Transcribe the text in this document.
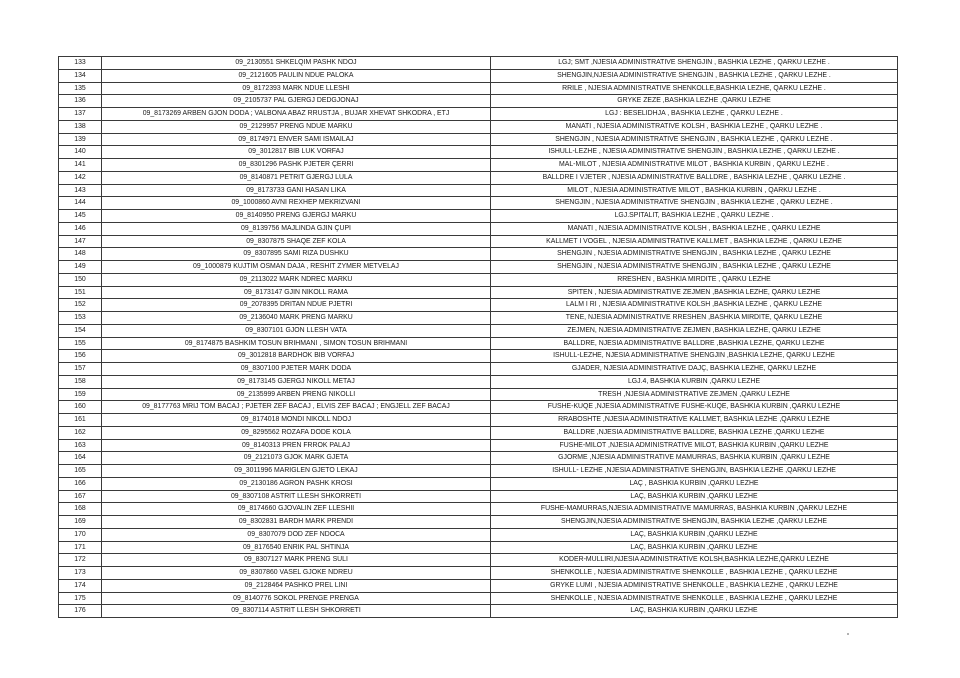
133	09_2130551 SHKELQIM PASHK NDOJ	LGJ; SMT ,NJESIA ADMINISTRATIVE SHENGJIN , BASHKIA LEZHE , QARKU LEZHE .
134	09_2121605 PAULIN NDUE PALOKA	SHENGJIN,NJESIA ADMINISTRATIVE SHENGJIN , BASHKIA LEZHE , QARKU LEZHE .
135	09_8172393 MARK NDUE LLESHI	RRILE , NJESIA ADMINISTRATIVE SHENKOLLE,BASHKIA LEZHE, QARKU LEZHE .
136	09_2105737 PAL GJERGJ DEDGJONAJ	GRYKE ZEZE ,BASHKIA LEZHE ,QARKU LEZHE
137	09_8173269 ARBEN GJON DODA ; VALBONA ABAZ RRUSTJA , BUJAR XHEVAT SHKODRA , ETJ	LGJ : BESELIDHJA , BASHKIA LEZHE , QARKU LEZHE .
138	09_2129957 PRENG NDUE MARKU	MANATI , NJESIA ADMINISTRATIVE KOLSH , BASHKIA LEZHE , QARKU LEZHE .
139	09_8174971 ENVER SAMI ISMAILAJ	SHENGJIN , NJESIA ADMINISTRATIVE SHENGJIN , BASHKIA LEZHE , QARKU LEZHE .
140	09_3012817 BIB LUK VORFAJ	ISHULL-LEZHE , NJESIA ADMINISTRATIVE SHENGJIN , BASHKIA LEZHE , QARKU LEZHE .
141	09_8301296 PASHK PJETER ÇERRI	MAL-MILOT , NJESIA ADMINISTRATIVE MILOT , BASHKIA KURBIN , QARKU LEZHE .
142	09_8140871 PETRIT GJERGJ LULA	BALLDRE I VJETER , NJESIA ADMINISTRATIVE BALLDRE , BASHKIA LEZHE , QARKU LEZHE .
143	09_8173733 GANI HASAN LIKA	MILOT , NJESIA ADMINISTRATIVE MILOT , BASHKIA KURBIN , QARKU LEZHE .
144	09_1000860 AVNI REXHEP MEKRIZVANI	SHENGJIN , NJESIA ADMINISTRATIVE SHENGJIN , BASHKIA LEZHE , QARKU LEZHE .
145	09_8140950 PRENG GJERGJ MARKU	LGJ.SPITALIT, BASHKIA LEZHE , QARKU LEZHE .
146	09_8139756 MAJLINDA GJIN ÇUPI	MANATI , NJESIA ADMINISTRATIVE KOLSH , BASHKIA LEZHE , QARKU LEZHE
147	09_8307875 SHAQE ZEF KOLA	KALLMET I VOGEL , NJESIA ADMINISTRATIVE KALLMET , BASHKIA LEZHE , QARKU LEZHE
148	09_8307895 SAMI RIZA DUSHKU	SHENGJIN , NJESIA ADMINISTRATIVE SHENGJIN , BASHKIA LEZHE , QARKU LEZHE
149	09_1000879 KUJTIM OSMAN DAJA , RESHIT ZYMER METVELAJ	SHENGJIN , NJESIA ADMINISTRATIVE SHENGJIN , BASHKIA LEZHE , QARKU LEZHE
150	09_2113022 MARK NDREC MARKU	RRESHEN , BASHKIA MIRDITE , QARKU LEZHE
151	09_8173147 GJIN NIKOLL RAMA	SPITEN , NJESIA ADMINISTRATIVE ZEJMEN ,BASHKIA LEZHE, QARKU LEZHE
152	09_2078395 DRITAN NDUE PJETRI	LALM I RI , NJESIA ADMINISTRATIVE KOLSH ,BASHKIA LEZHE , QARKU LEZHE
153	09_2136040 MARK PRENG MARKU	TENE, NJESIA ADMINISTRATIVE RRESHEN ,BASHKIA MIRDITE, QARKU LEZHE
154	09_8307101 GJON LLESH VATA	ZEJMEN, NJESIA ADMINISTRATIVE ZEJMEN ,BASHKIA LEZHE, QARKU LEZHE
155	09_8174875 BASHKIM TOSUN BRIHMANI , SIMON TOSUN BRIHMANI	BALLDRE, NJESIA ADMINISTRATIVE BALLDRE ,BASHKIA LEZHE, QARKU LEZHE
156	09_3012818 BARDHOK BIB VORFAJ	ISHULL-LEZHE, NJESIA ADMINISTRATIVE SHENGJIN ,BASHKIA LEZHE, QARKU LEZHE
157	09_8307100 PJETER MARK DODA	GJADER, NJESIA ADMINISTRATIVE DAJÇ, BASHKIA LEZHE, QARKU LEZHE
158	09_8173145 GJERGJ NIKOLL METAJ	LGJ.4, BASHKIA KURBIN ,QARKU LEZHE
159	09_2135999 ARBEN PRENG NIKOLLI	TRESH ,NJESIA ADMINISTRATIVE ZEJMEN ,QARKU LEZHE
160	09_8177763 MRIJ TOM BACAJ ; PJETER ZEF BACAJ , ELVIS ZEF BACAJ ; ENGJELL ZEF BACAJ	FUSHE-KUQE ,NJESIA ADMINISTRATIVE FUSHE-KUQE, BASHKIA KURBIN ,QARKU LEZHE
161	09_8174018 MONDI NIKOLL NDOJ	RRABOSHTE ,NJESIA ADMINISTRATIVE KALLMET, BASHKIA LEZHE ,QARKU LEZHE
162	09_8295562 ROZAFA DODE KOLA	BALLDRE ,NJESIA ADMINISTRATIVE BALLDRE, BASHKIA LEZHE ,QARKU LEZHE
163	09_8140313 PREN FRROK PALAJ	FUSHE-MILOT ,NJESIA ADMINISTRATIVE MILOT, BASHKIA KURBIN ,QARKU LEZHE
164	09_2121073 GJOK MARK GJETA	GJORME ,NJESIA ADMINISTRATIVE MAMURRAS, BASHKIA KURBIN ,QARKU LEZHE
165	09_3011996 MARIGLEN GJETO LEKAJ	ISHULL- LEZHE ,NJESIA ADMINISTRATIVE SHENGJIN, BASHKIA LEZHE ,QARKU LEZHE
166	09_2130186 AGRON PASHK KROSI	LAÇ , BASHKIA KURBIN ,QARKU LEZHE
167	09_8307108 ASTRIT LLESH SHKORRETI	LAÇ, BASHKIA KURBIN ,QARKU LEZHE
168	09_8174660 GJOVALIN ZEF LLESHII	FUSHE-MAMURRAS,NJESIA ADMINISTRATIVE MAMURRAS, BASHKIA KURBIN ,QARKU LEZHE
169	09_8302831 BARDH MARK PRENDI	SHENGJIN,NJESIA ADMINISTRATIVE SHENGJIN, BASHKIA LEZHE ,QARKU LEZHE
170	09_8307079 DOD ZEF NDOCA	LAÇ, BASHKIA KURBIN ,QARKU LEZHE
171	09_8176540 ENRIK PAL SHTINJA	LAÇ, BASHKIA KURBIN ,QARKU LEZHE
172	09_8307127 MARK PRENG SULI	KODER-MULLIRI,NJESIA ADMINISTRATIVE KOLSH,BASHKIA LEZHE,QARKU LEZHE
173	09_8307860 VASEL GJOKE NDREU	SHENKOLLE , NJESIA ADMINISTRATIVE SHENKOLLE , BASHKIA LEZHE , QARKU LEZHE
174	09_2128464 PASHKO PREL LINI	GRYKE LUMI , NJESIA ADMINISTRATIVE SHENKOLLE , BASHKIA LEZHE , QARKU LEZHE
175	09_8140776 SOKOL PRENGE PRENGA	SHENKOLLE , NJESIA ADMINISTRATIVE SHENKOLLE , BASHKIA LEZHE , QARKU LEZHE
176	09_8307114 ASTRIT LLESH SHKORRETI	LAÇ, BASHKIA KURBIN ,QARKU LEZHE
